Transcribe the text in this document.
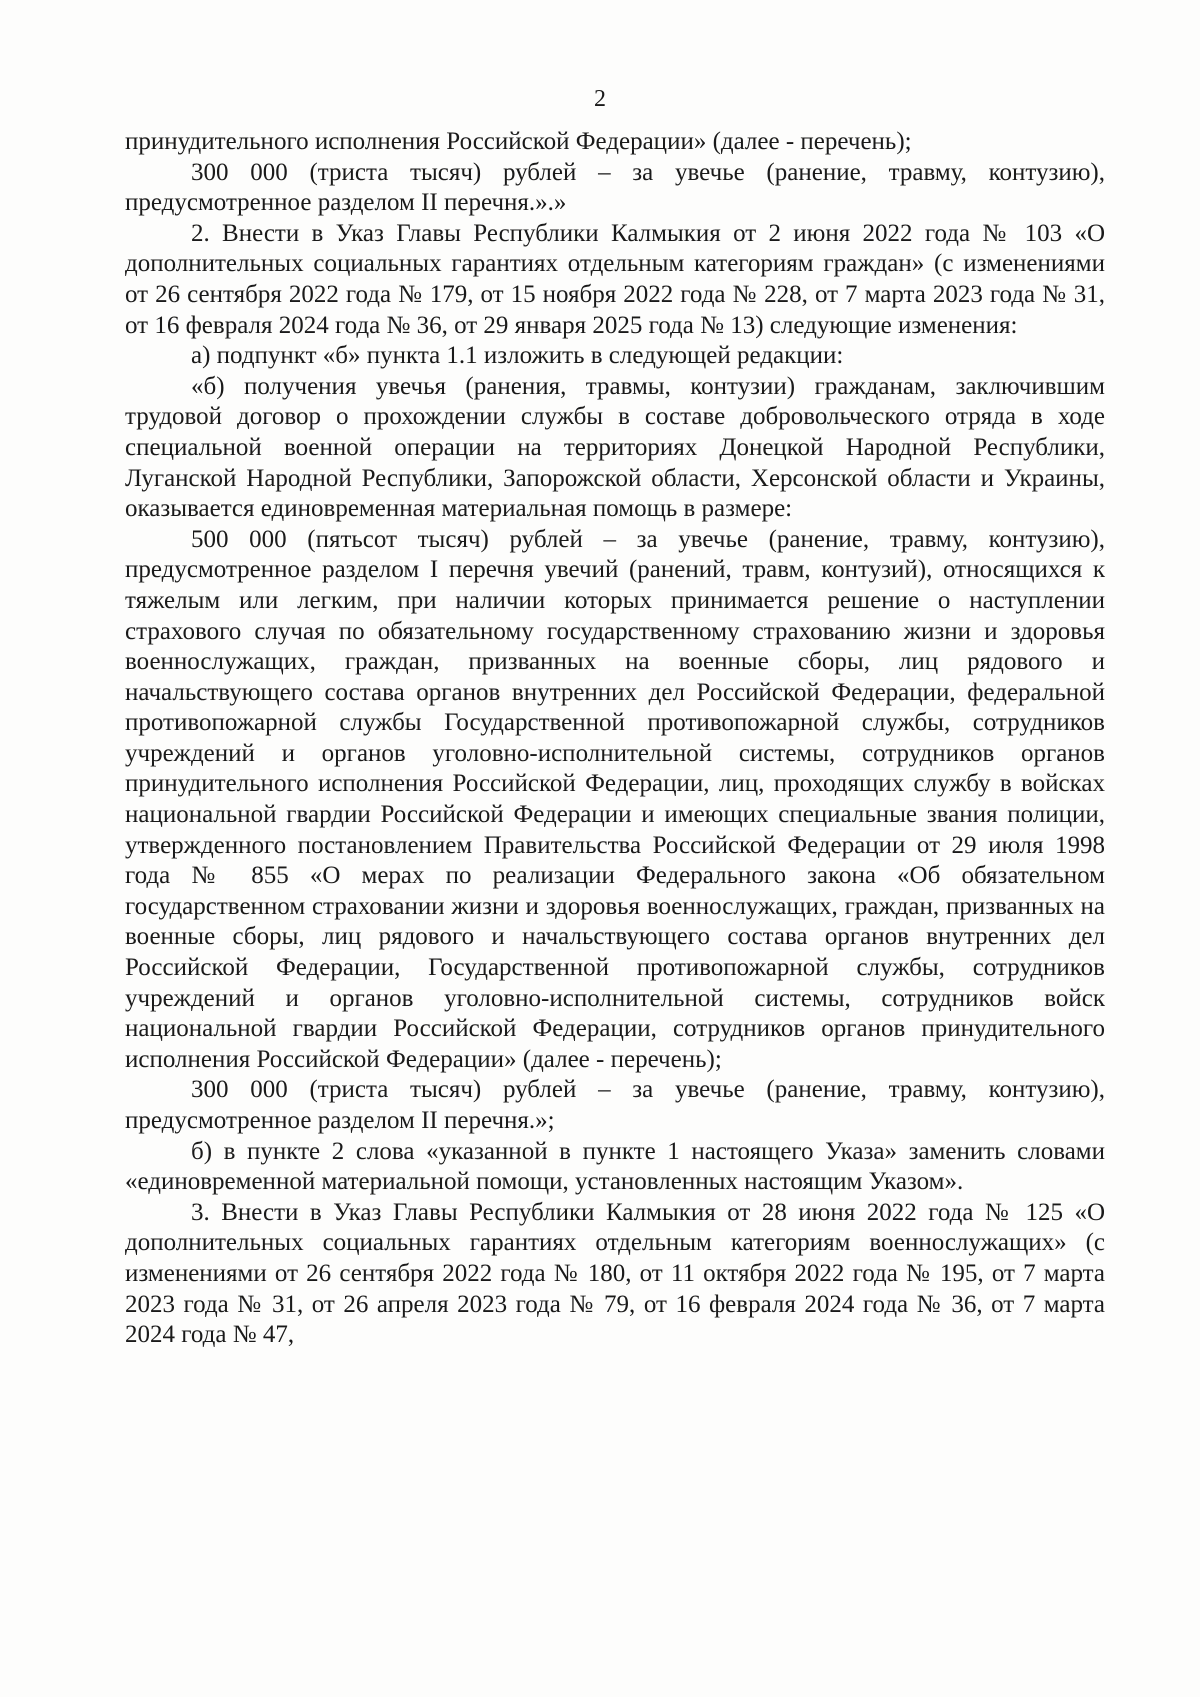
2

принудительного исполнения Российской Федерации» (далее - перечень);

300 000 (триста тысяч) рублей – за увечье (ранение, травму, контузию), предусмотренное разделом II перечня.».»

2. Внести в Указ Главы Республики Калмыкия от 2 июня 2022 года № 103 «О дополнительных социальных гарантиях отдельным категориям граждан» (с изменениями от 26 сентября 2022 года № 179, от 15 ноября 2022 года № 228, от 7 марта 2023 года № 31, от 16 февраля 2024 года № 36, от 29 января 2025 года № 13) следующие изменения:

а) подпункт «б» пункта 1.1 изложить в следующей редакции:

«б) получения увечья (ранения, травмы, контузии) гражданам, заключившим трудовой договор о прохождении службы в составе добровольческого отряда в ходе специальной военной операции на территориях Донецкой Народной Республики, Луганской Народной Республики, Запорожской области, Херсонской области и Украины, оказывается единовременная материальная помощь в размере:

500 000 (пятьсот тысяч) рублей – за увечье (ранение, травму, контузию), предусмотренное разделом I перечня увечий (ранений, травм, контузий), относящихся к тяжелым или легким, при наличии которых принимается решение о наступлении страхового случая по обязательному государственному страхованию жизни и здоровья военнослужащих, граждан, призванных на военные сборы, лиц рядового и начальствующего состава органов внутренних дел Российской Федерации, федеральной противопожарной службы Государственной противопожарной службы, сотрудников учреждений и органов уголовно-исполнительной системы, сотрудников органов принудительного исполнения Российской Федерации, лиц, проходящих службу в войсках национальной гвардии Российской Федерации и имеющих специальные звания полиции, утвержденного постановлением Правительства Российской Федерации от 29 июля 1998 года № 855 «О мерах по реализации Федерального закона «Об обязательном государственном страховании жизни и здоровья военнослужащих, граждан, призванных на военные сборы, лиц рядового и начальствующего состава органов внутренних дел Российской Федерации, Государственной противопожарной службы, сотрудников учреждений и органов уголовно-исполнительной системы, сотрудников войск национальной гвардии Российской Федерации, сотрудников органов принудительного исполнения Российской Федерации» (далее - перечень);

300 000 (триста тысяч) рублей – за увечье (ранение, травму, контузию), предусмотренное разделом II перечня.»;

б) в пункте 2 слова «указанной в пункте 1 настоящего Указа» заменить словами «единовременной материальной помощи, установленных настоящим Указом».

3. Внести в Указ Главы Республики Калмыкия от 28 июня 2022 года № 125 «О дополнительных социальных гарантиях отдельным категориям военнослужащих» (с изменениями от 26 сентября 2022 года № 180, от 11 октября 2022 года № 195, от 7 марта 2023 года № 31, от 26 апреля 2023 года № 79, от 16 февраля 2024 года № 36, от 7 марта 2024 года № 47,
